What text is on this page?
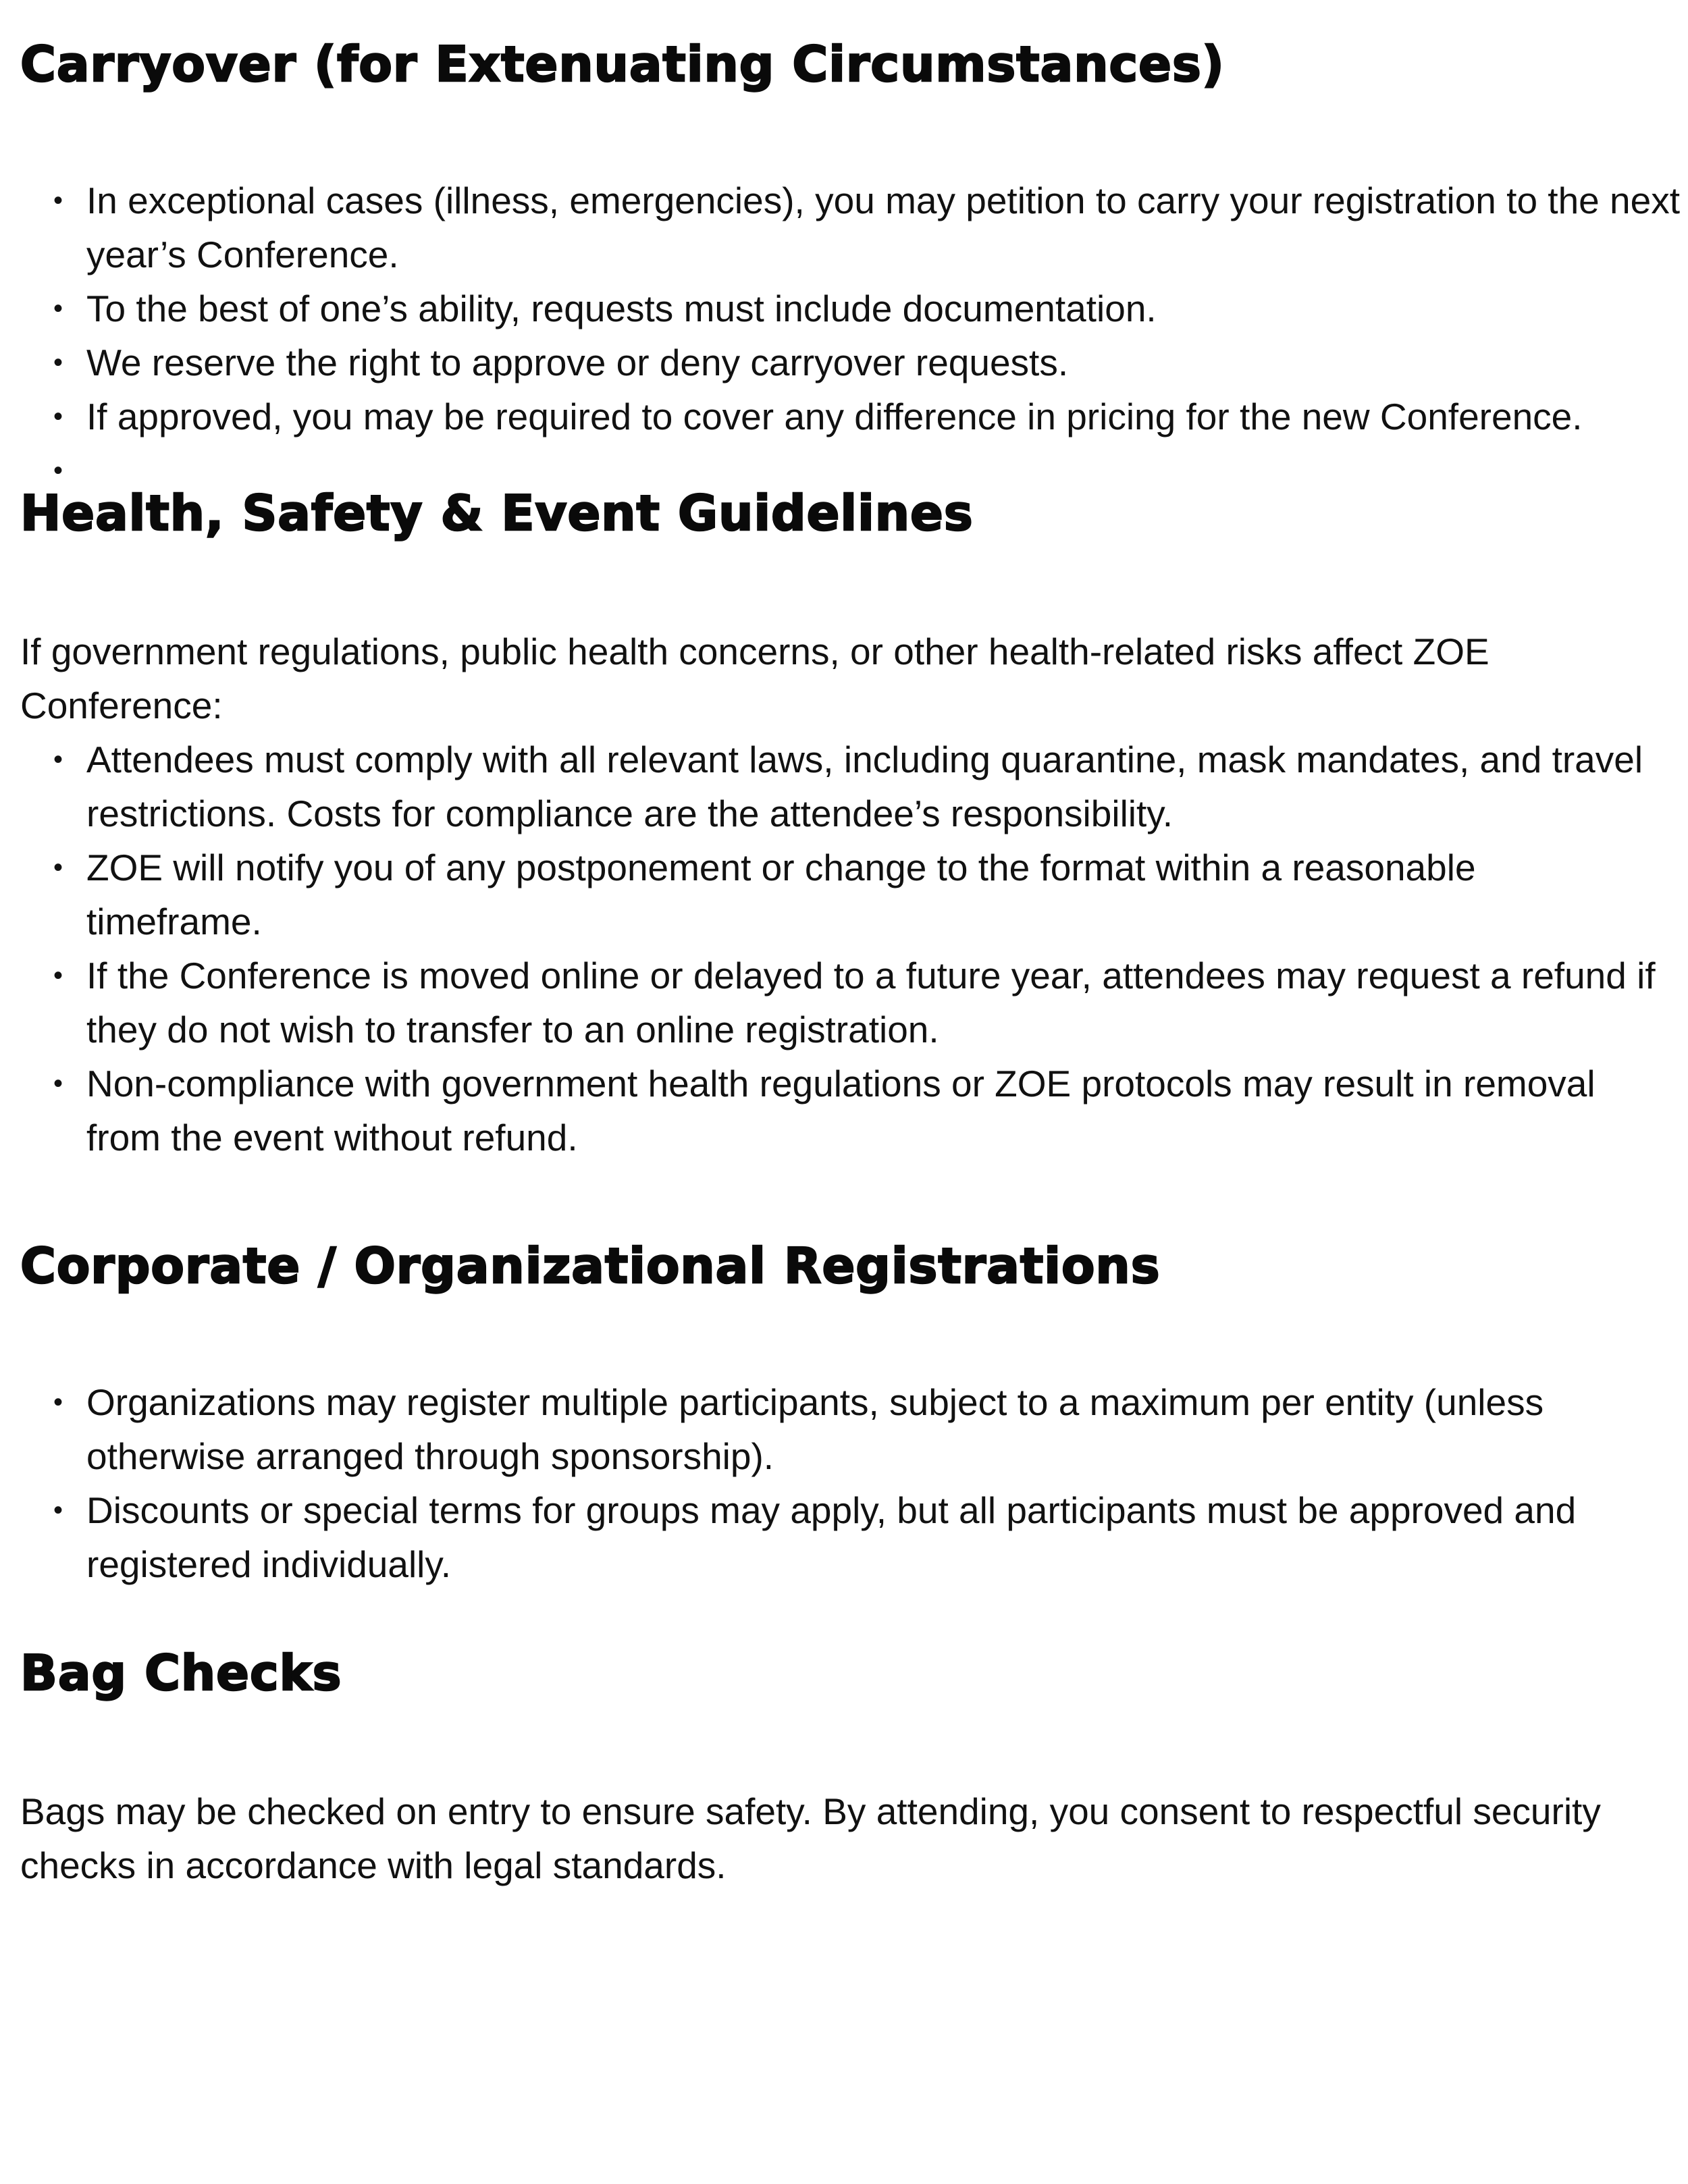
Carryover (for Extenuating Circumstances)
• In exceptional cases (illness, emergencies), you may petition to carry your registration to the next year’s Conference.
• To the best of one’s ability, requests must include documentation.
• We reserve the right to approve or deny carryover requests.
• If approved, you may be required to cover any difference in pricing for the new Conference.
•
Health, Safety & Event Guidelines

If government regulations, public health concerns, or other health-related risks affect ZOE Conference:

• Attendees must comply with all relevant laws, including quarantine, mask mandates, and travel restrictions. Costs for compliance are the attendee’s responsibility.
• ZOE will notify you of any postponement or change to the format within a reasonable timeframe.
• If the Conference is moved online or delayed to a future year, attendees may request a refund if they do not wish to transfer to an online registration.
• Non-compliance with government health regulations or ZOE protocols may result in removal from the event without refund.
Corporate / Organizational Registrations
• Organizations may register multiple participants, subject to a maximum per entity (unless otherwise arranged through sponsorship).
• Discounts or special terms for groups may apply, but all participants must be approved and registered individually.
Bag Checks

Bags may be checked on entry to ensure safety. By attending, you consent to respectful security checks in accordance with legal standards.
